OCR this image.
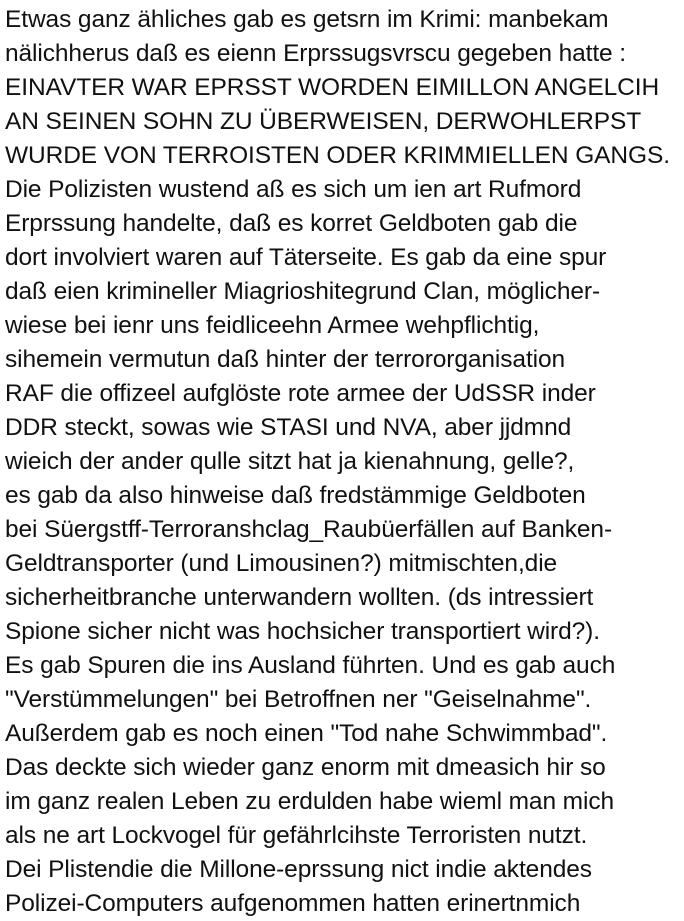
Etwas ganz ähliches gab es getsrn im Krimi: manbekam
nälichherus daß es eienn Erprssugsvrscu gegeben hatte :
EINAVTER WAR EPRSST WORDEN EIMILLON ANGELCIH
AN SEINEN SOHN ZU ÜBERWEISEN, DERWOHLERPST
WURDE VON TERROISTEN ODER KRIMMIELLEN GANGS.
Die Polizisten wustend aß es sich um ien art Rufmord
Erprssung handelte, daß es korret Geldboten gab die
dort involviert waren auf Täterseite. Es gab da eine spur
daß eien krimineller Miagrioshitegrund Clan, möglicher-
wiese bei ienr uns feidliceehn Armee wehpflichtig,
sihemein vermutun daß hinter der terrororganisation
RAF die offizeel aufglöste rote armee der UdSSR inder
DDR steckt, sowas wie STASI und NVA, aber jjdmnd
wieich der ander qulle sitzt hat ja kienahnung, gelle?,
es gab da also hinweise daß fredstämmige Geldboten
bei Süergstff-Terroranshclag_Raubüerfällen auf Banken-
Geldtransporter (und Limousinen?) mitmischten,die
sicherheitbranche unterwandern wollten. (ds intressiert
Spione sicher nicht was hochsicher transportiert wird?).
Es gab Spuren die ins Ausland führten. Und es gab auch
"Verstümmelungen" bei Betroffnen ner "Geiselnahme".
Außerdem gab es noch einen "Tod nahe Schwimmbad".
Das deckte sich wieder ganz enorm mit dmeasich hir so
im ganz realen Leben zu erdulden habe wieml man mich
als ne art Lockvogel für gefährlcihste Terroristen nutzt.
Dei Plistendie die Millone-eprssung nict indie aktendes
Polizei-Computers aufgenommen hatten erinertnmich
